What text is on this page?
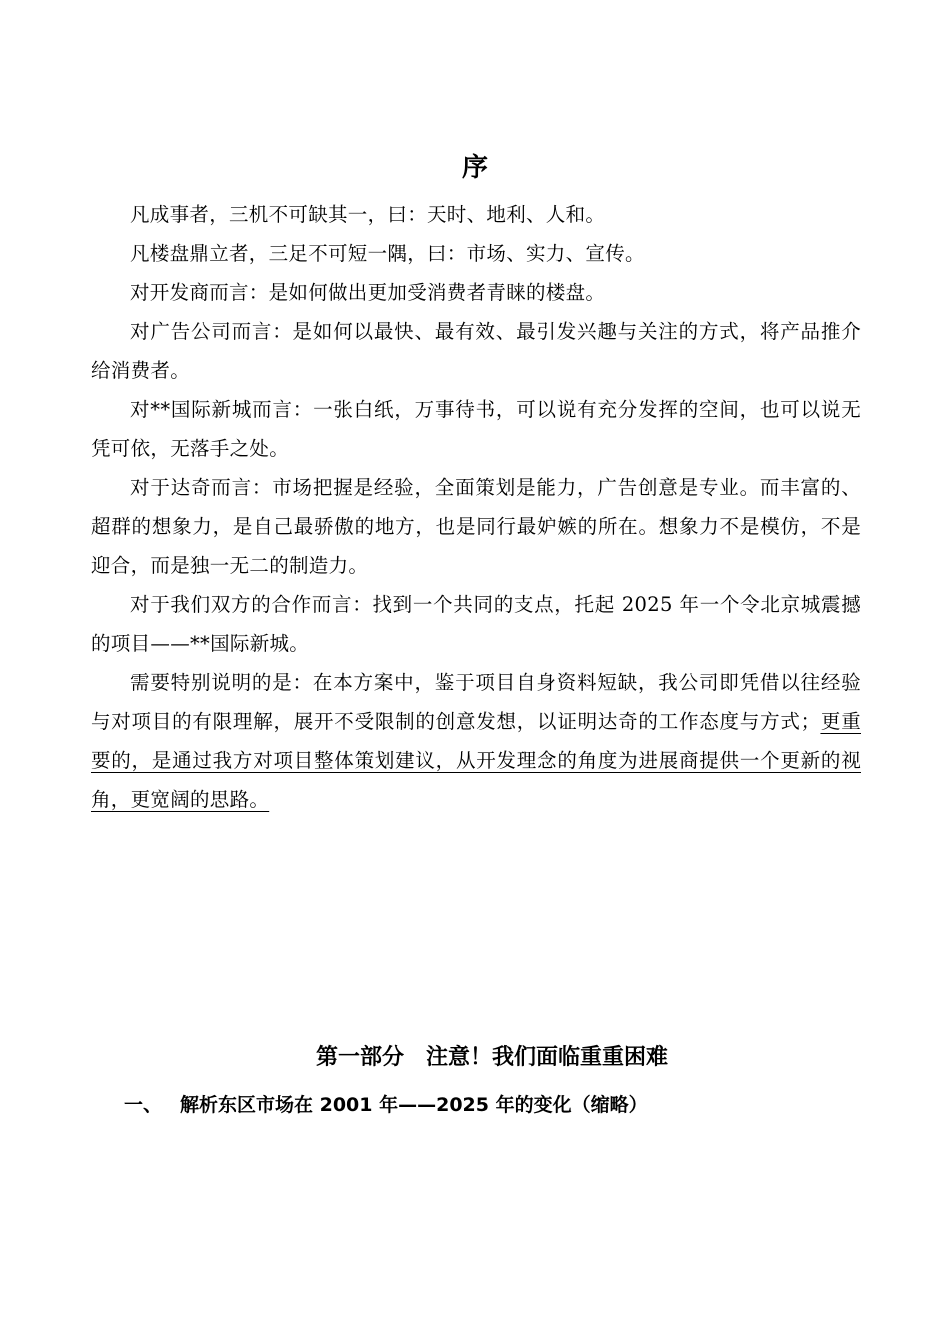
序

凡成事者，三机不可缺其一，曰：天时、地利、人和。

凡楼盘鼎立者，三足不可短一隅，曰：市场、实力、宣传。

对开发商而言：是如何做出更加受消费者青睐的楼盘。

对广告公司而言：是如何以最快、最有效、最引发兴趣与关注的方式，将产品推介给消费者。

对**国际新城而言：一张白纸，万事待书，可以说有充分发挥的空间，也可以说无凭可依，无落手之处。

对于达奇而言：市场把握是经验，全面策划是能力，广告创意是专业。而丰富的、超群的想象力，是自己最骄傲的地方，也是同行最妒嫉的所在。想象力不是模仿，不是迎合，而是独一无二的制造力。

对于我们双方的合作而言：找到一个共同的支点，托起 2025 年一个令北京城震撼的项目——**国际新城。

需要特别说明的是：在本方案中，鉴于项目自身资料短缺，我公司即凭借以往经验与对项目的有限理解，展开不受限制的创意发想，以证明达奇的工作态度与方式；更重要的，是通过我方对项目整体策划建议，从开发理念的角度为进展商提供一个更新的视角，更宽阔的思路。

第一部分　注意！我们面临重重困难
一、 解析东区市场在 2001 年——2025 年的变化（缩略）
